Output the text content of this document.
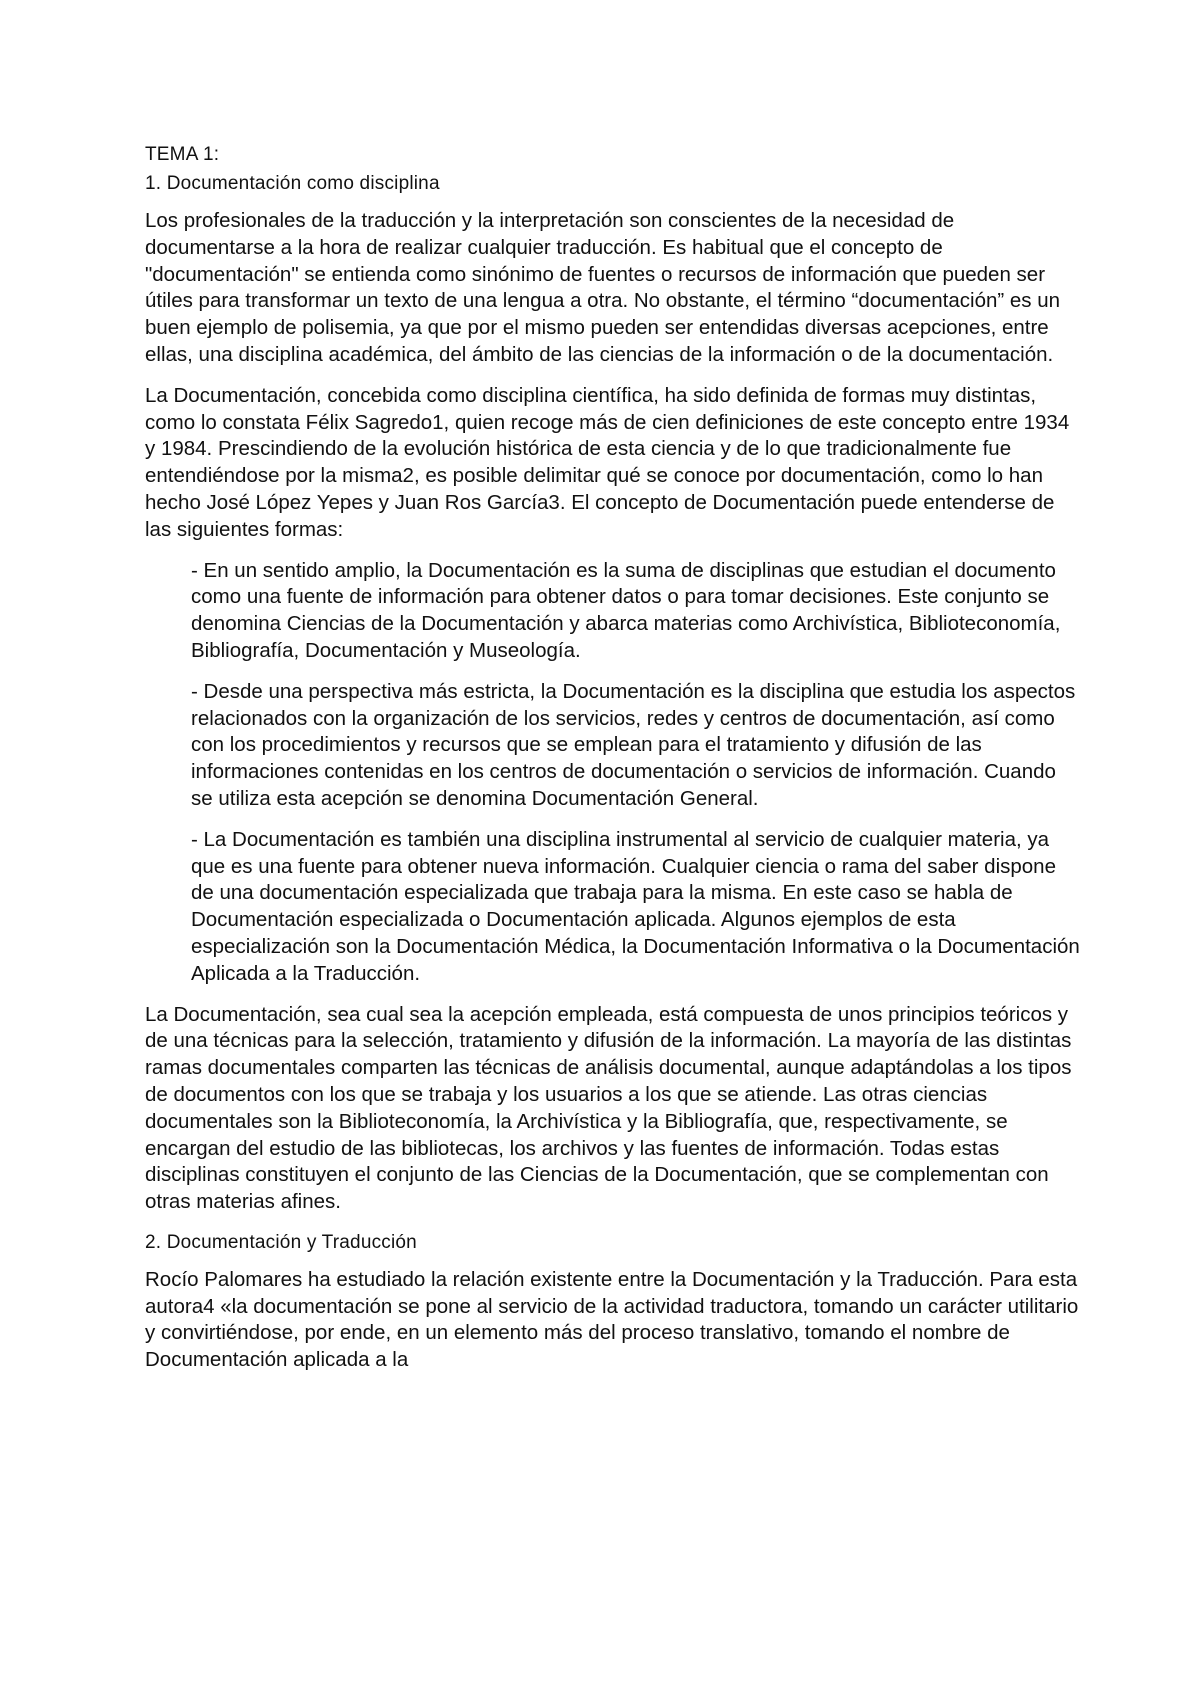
TEMA 1:
1. Documentación como disciplina

Los profesionales de la traducción y la interpretación son conscientes de la necesidad de documentarse a la hora de realizar cualquier traducción. Es habitual que el concepto de "documentación" se entienda como sinónimo de fuentes o recursos de información que pueden ser útiles para transformar un texto de una lengua a otra. No obstante, el término “documentación” es un buen ejemplo de polisemia, ya que por el mismo pueden ser entendidas diversas acepciones, entre ellas, una disciplina académica, del ámbito de las ciencias de la información o de la documentación.

La Documentación, concebida como disciplina científica, ha sido definida de formas muy distintas, como lo constata Félix Sagredo1, quien recoge más de cien definiciones de este concepto entre 1934 y 1984. Prescindiendo de la evolución histórica de esta ciencia y de lo que tradicionalmente fue entendiéndose por la misma2, es posible delimitar qué se conoce por documentación, como lo han hecho José López Yepes y Juan Ros García3. El concepto de Documentación puede entenderse de las siguientes formas:

- En un sentido amplio, la Documentación es la suma de disciplinas que estudian el documento como una fuente de información para obtener datos o para tomar decisiones. Este conjunto se denomina Ciencias de la Documentación y abarca materias como Archivística, Biblioteconomía, Bibliografía, Documentación y Museología.

- Desde una perspectiva más estricta, la Documentación es la disciplina que estudia los aspectos relacionados con la organización de los servicios, redes y centros de documentación, así como con los procedimientos y recursos que se emplean para el tratamiento y difusión de las informaciones contenidas en los centros de documentación o servicios de información. Cuando se utiliza esta acepción se denomina Documentación General.

- La Documentación es también una disciplina instrumental al servicio de cualquier materia, ya que es una fuente para obtener nueva información. Cualquier ciencia o rama del saber dispone de una documentación especializada que trabaja para la misma. En este caso se habla de Documentación especializada o Documentación aplicada. Algunos ejemplos de esta especialización son la Documentación Médica, la Documentación Informativa o la Documentación Aplicada a la Traducción.

La Documentación, sea cual sea la acepción empleada, está compuesta de unos principios teóricos y de una técnicas para la selección, tratamiento y difusión de la información. La mayoría de las distintas ramas documentales comparten las técnicas de análisis documental, aunque adaptándolas a los tipos de documentos con los que se trabaja y los usuarios a los que se atiende. Las otras ciencias documentales son la Biblioteconomía, la Archivística y la Bibliografía, que, respectivamente, se encargan del estudio de las bibliotecas, los archivos y las fuentes de información. Todas estas disciplinas constituyen el conjunto de las Ciencias de la Documentación, que se complementan con otras materias afines.

2. Documentación y Traducción

Rocío Palomares ha estudiado la relación existente entre la Documentación y la Traducción. Para esta autora4 «la documentación se pone al servicio de la actividad traductora, tomando un carácter utilitario y convirtiéndose, por ende, en un elemento más del proceso translativo, tomando el nombre de Documentación aplicada a la
